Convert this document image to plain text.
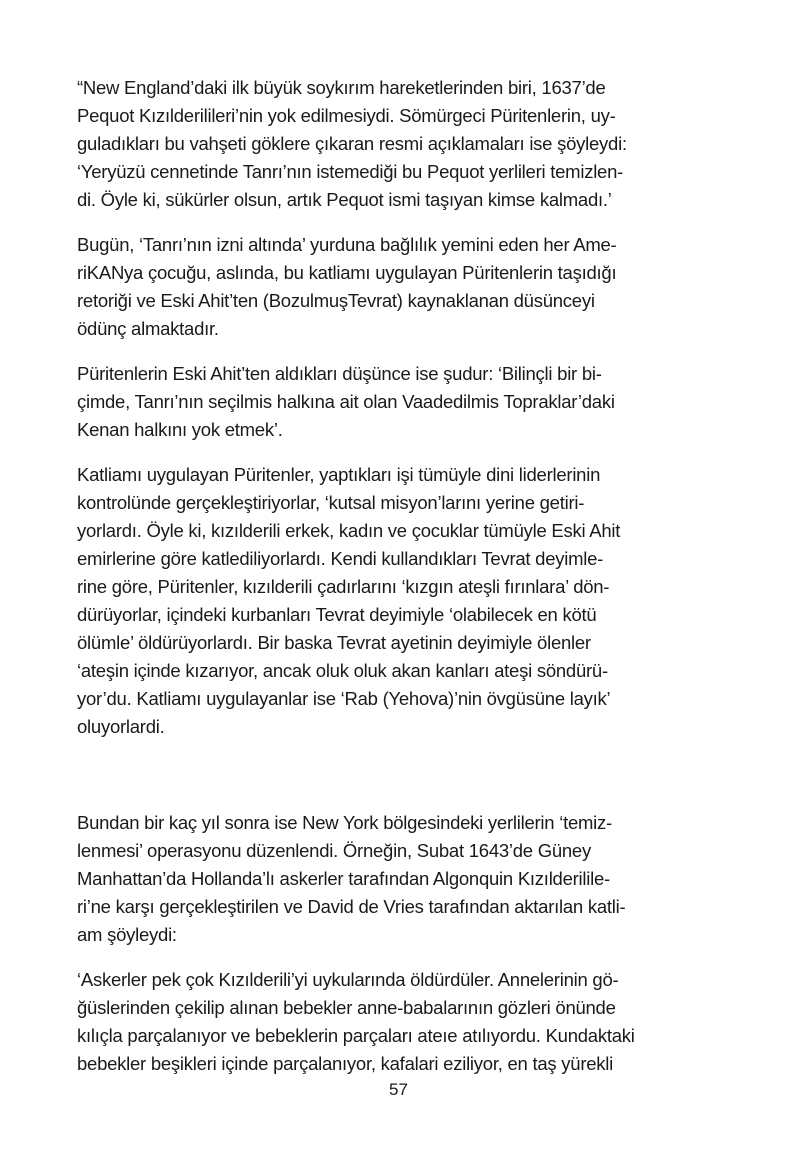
“New England’daki ilk büyük soykırım hareketlerinden biri, 1637’de
Pequot Kızılderilileri’nin yok edilmesiydi. Sömürgeci Püritenlerin, uy-
guladıkları bu vahşeti göklere çıkaran resmi açıklamaları ise şöyleydi:
‘Yeryüzü cennetinde Tanrı’nın istemediği bu Pequot yerlileri temizlen-
di. Öyle ki, sükürler olsun, artık Pequot ismi taşıyan kimse kalmadı.’
Bugün, ‘Tanrı’nın izni altında’ yurduna bağlılık yemini eden her Ame-
riKANya çocuğu, aslında, bu katliamı uygulayan Püritenlerin taşıdığı
retoriği ve Eski Ahit’ten (BozulmuşTevrat) kaynaklanan düsünceyi
ödünç almaktadır.
Püritenlerin Eski Ahit’ten aldıkları düşünce ise şudur: ‘Bilinçli bir bi-
çimde, Tanrı’nın seçilmis halkına ait olan Vaadedilmis Topraklar’daki
Kenan halkını yok etmek’.
Katliamı uygulayan Püritenler, yaptıkları işi tümüyle dini liderlerinin
kontrolünde gerçekleştiriyorlar, ‘kutsal misyon’larını yerine getiri-
yorlardı. Öyle ki, kızılderili erkek, kadın ve çocuklar tümüyle Eski Ahit
emirlerine göre katlediliyorlardı. Kendi kullandıkları Tevrat deyimle-
rine göre, Püritenler, kızılderili çadırlarını ‘kızgın ateşli fırınlara’ dön-
dürüyorlar, içindeki kurbanları Tevrat deyimiyle ‘olabilecek en kötü
ölümle’ öldürüyorlardı. Bir baska Tevrat ayetinin deyimiyle ölenler
‘ateşin içinde kızarıyor, ancak oluk oluk akan kanları ateşi söndürü-
yor’du. Katliamı uygulayanlar ise ‘Rab (Yehova)’nin övgüsüne layık’
oluyorlardi.
Bundan bir kaç yıl sonra ise New York bölgesindeki yerlilerin ‘temiz-
lenmesi’ operasyonu düzenlendi. Örneğin, Subat 1643’de Güney
Manhattan’da Hollanda’lı askerler tarafından Algonquin Kızılderilile-
ri’ne karşı gerçekleştirilen ve David de Vries tarafından aktarılan katli-
am şöyleydi:
‘Askerler pek çok Kızılderili’yi uykularında öldürdüler. Annelerinin gö-
ğüslerinden çekilip alınan bebekler anne-babalarının gözleri önünde
kılıçla parçalanıyor ve bebeklerin parçaları ateıe atılıyordu. Kundaktaki
bebekler beşikleri içinde parçalanıyor, kafalari eziliyor, en taş yürekli
57
